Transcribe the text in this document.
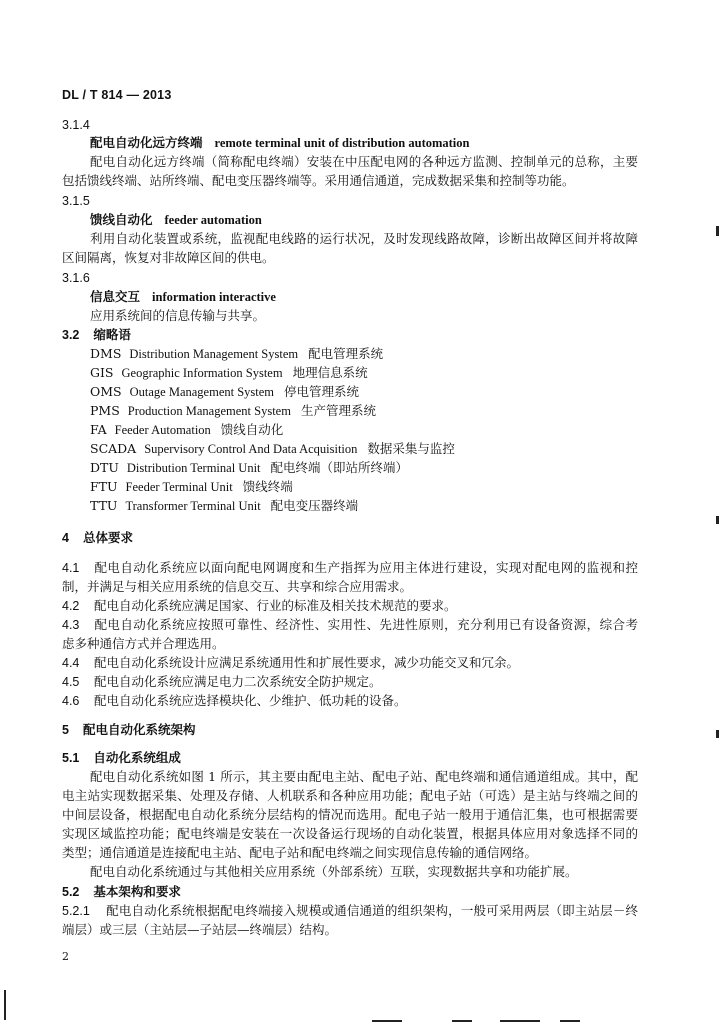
DL / T 814 — 2013
3.1.4
配电自动化远方终端 remote terminal unit of distribution automation
配电自动化远方终端（简称配电终端）安装在中压配电网的各种远方监测、控制单元的总称，主要
包括馈线终端、站所终端、配电变压器终端等。采用通信通道，完成数据采集和控制等功能。
3.1.5
馈线自动化 feeder automation
利用自动化装置或系统，监视配电线路的运行状况，及时发现线路故障，诊断出故障区间并将故障
区间隔离，恢复对非故障区间的供电。
3.1.6
信息交互 information interactive
应用系统间的信息传输与共享。
3.2 缩略语
DMS Distribution Management System 配电管理系统
GIS Geographic Information System 地理信息系统
OMS Outage Management System 停电管理系统
PMS Production Management System 生产管理系统
FA Feeder Automation 馈线自动化
SCADA Supervisory Control And Data Acquisition 数据采集与监控
DTU Distribution Terminal Unit 配电终端（即站所终端）
FTU Feeder Terminal Unit 馈线终端
TTU Transformer Terminal Unit 配电变压器终端
4 总体要求
4.1 配电自动化系统应以面向配电网调度和生产指挥为应用主体进行建设，实现对配电网的监视和控
制，并满足与相关应用系统的信息交互、共享和综合应用需求。
4.2 配电自动化系统应满足国家、行业的标准及相关技术规范的要求。
4.3 配电自动化系统应按照可靠性、经济性、实用性、先进性原则，充分利用已有设备资源，综合考
虑多种通信方式并合理选用。
4.4 配电自动化系统设计应满足系统通用性和扩展性要求，减少功能交叉和冗余。
4.5 配电自动化系统应满足电力二次系统安全防护规定。
4.6 配电自动化系统应选择模块化、少维护、低功耗的设备。
5 配电自动化系统架构
5.1 自动化系统组成
配电自动化系统如图 1 所示，其主要由配电主站、配电子站、配电终端和通信通道组成。其中，配
电主站实现数据采集、处理及存储、人机联系和各种应用功能；配电子站（可选）是主站与终端之间的
中间层设备，根据配电自动化系统分层结构的情况而选用。配电子站一般用于通信汇集，也可根据需要
实现区域监控功能；配电终端是安装在一次设备运行现场的自动化装置，根据具体应用对象选择不同的
类型；通信通道是连接配电主站、配电子站和配电终端之间实现信息传输的通信网络。
配电自动化系统通过与其他相关应用系统（外部系统）互联，实现数据共享和功能扩展。
5.2 基本架构和要求
5.2.1 配电自动化系统根据配电终端接入规模或通信通道的组织架构，一般可采用两层（即主站层－终
端层）或三层（主站层—子站层—终端层）结构。
2
